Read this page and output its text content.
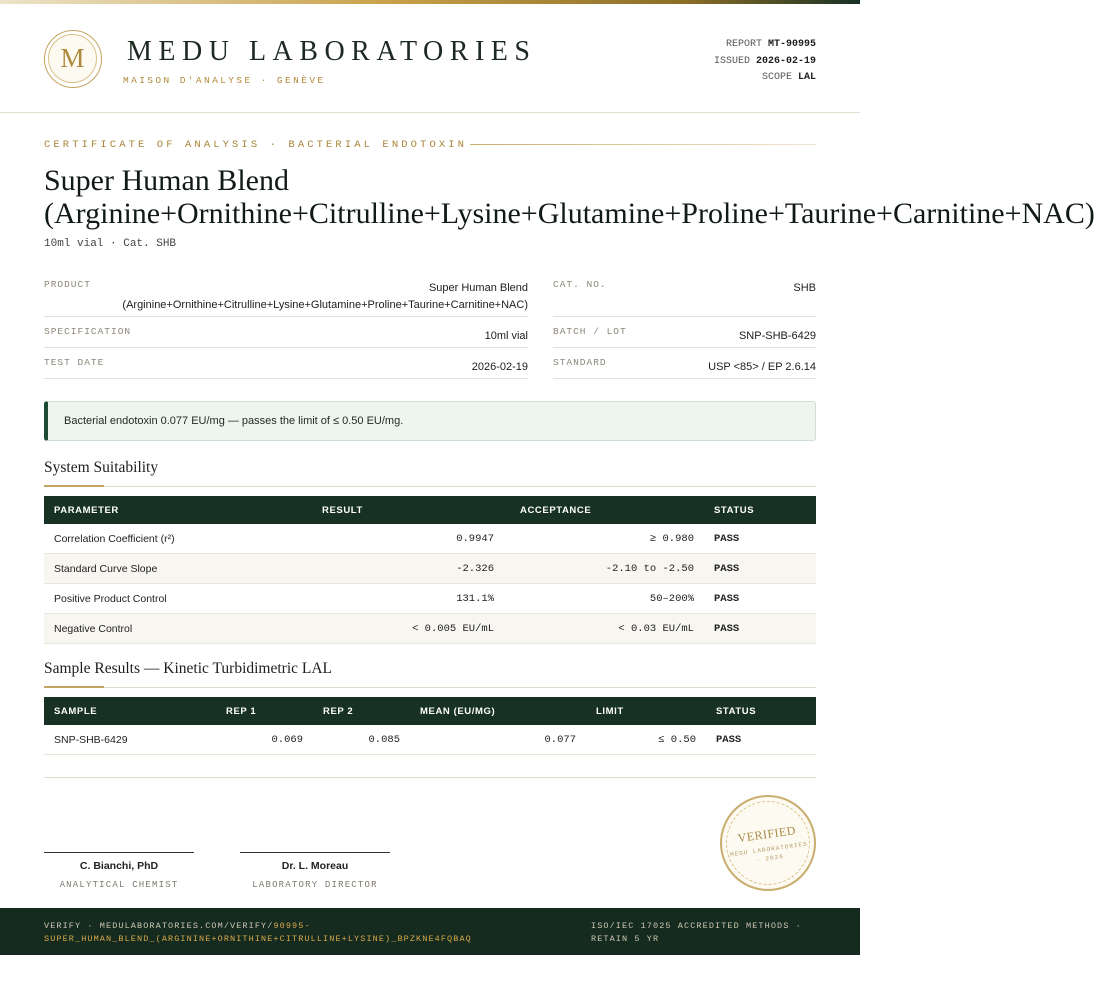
M	MEDU LABORATORIES
MAISON D'ANALYSE · GENÈVE
REPORT MT-90995
ISSUED 2026-02-19
SCOPE LAL
CERTIFICATE OF ANALYSIS · BACTERIAL ENDOTOXIN
Super Human Blend
(Arginine+Ornithine+Citrulline+Lysine+Glutamine+Proline+Taurine+Carnitine+NAC)
10ml vial · Cat. SHB
PRODUCT	Super Human Blend
(Arginine+Ornithine+Citrulline+Lysine+Glutamine+Proline+Taurine+Carnitine+NAC)
SPECIFICATION	10ml vial
TEST DATE	2026-02-19
CAT. NO.	SHB
BATCH / LOT	SNP-SHB-6429
STANDARD	USP <85> / EP 2.6.14
Bacterial endotoxin 0.077 EU/mg — passes the limit of ≤ 0.50 EU/mg.
System Suitability
PARAMETER	RESULT	ACCEPTANCE	STATUS
Correlation Coefficient (r²)	0.9947	≥ 0.980	PASS
Standard Curve Slope	-2.326	-2.10 to -2.50	PASS
Positive Product Control	131.1%	50–200%	PASS
Negative Control	< 0.005 EU/mL	< 0.03 EU/mL	PASS
Sample Results — Kinetic Turbidimetric LAL
SAMPLE	REP 1	REP 2	MEAN (EU/MG)	LIMIT	STATUS
SNP-SHB-6429	0.069	0.085	0.077	≤ 0.50	PASS
C. Bianchi, PhD
ANALYTICAL CHEMIST
Dr. L. Moreau
LABORATORY DIRECTOR
VERIFIED
MEDU LABORATORIES · 2026
VERIFY · MEDULABORATORIES.COM/VERIFY/90995-SUPER_HUMAN_BLEND_(ARGININE+ORNITHINE+CITRULLINE+LYSINE)_BPZKNE4FQBAQ
ISO/IEC 17025 ACCREDITED METHODS · RETAIN 5 YR
